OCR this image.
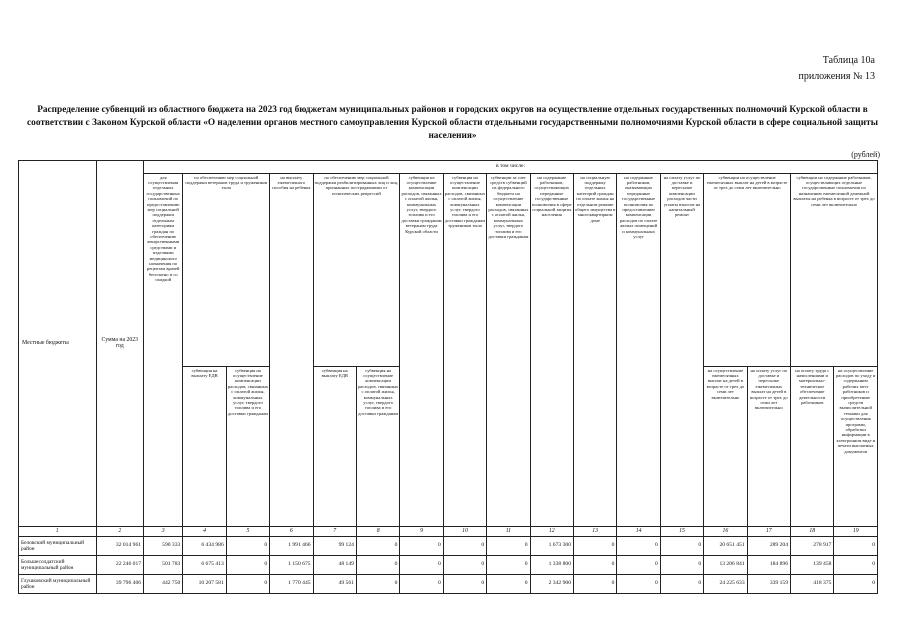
Таблица 10а
приложения № 13
Распределение субвенций из областного бюджета на 2023 год бюджетам муниципальных районов и городских округов на осуществление отдельных государственных полномочий Курской области в соответствии с Законом Курской области «О наделении органов местного самоуправления Курской области отдельными государственными полномочиями Курской области в сфере социальной защиты населения»
(рублей)
Местные бюджеты	Сумма на 2023 год	в том числе:																
		для осуществления отдельных государственных полномочий по предоставлению мер социальной поддержки отдельным категориям граждан по обеспечению лекарственными средствами и изделиями медицинского назначения по рецептам врачей бесплатно и со скидкой	по обеспечению мер социальной поддержки ветеранов труда и тружеников тыла		на выплату ежемесячного пособия на ребенка	по обеспечению мер социальной поддержки реабилитированных лиц и лиц, признанных пострадавшими от политических репрессий		субвенция на осуществление компенсации расходов, связанных с оплатой жилья, коммунальных услуг, твердого топлива и его доставки гражданам ветеранам труда Курской области	субвенция на осуществление компенсации расходов, связанных с оплатой жилья, коммунальных услуг, твердого топлива и его доставки гражданам тружеников тыла	субвенции за счет средств субвенций из федерального бюджета на осуществление компенсации расходов, связанных с оплатой жилья, коммунальных услуг, твердого топлива и его доставки гражданам	на содержание работников, осуществляющих переданные государственные полномочия в сфере социальной защиты населения	на социальную поддержку отдельных категорий граждан по оплате жилья на отдельном режиме общего имущества в многоквартирном доме	на содержание работников, оказывающих переданные государственные полномочия по предоставлению компенсации расходов по оплате жилых помещений и коммунальных услуг	на оплату услуг по доставке и пересылке компенсации расходов части уплаты взносов на капитальный ремонт	субвенции на осуществление ежемесячных выплат на детей в возрасте от трех до семи лет включительно		субвенции на содержание работников, осуществляющих отдельные государственные полномочия по назначению ежемесячной денежной выплаты на ребенка в возрасте от трех до семи лет включительно	
			субвенция на выплату ЕДВ	субвенция на осуществление компенсации расходов, связанных с оплатой жилья, коммунальных услуг, твердого топлива и его доставки гражданам		субвенция на выплату ЕДВ	субвенция на осуществление компенсации расходов, связанных с оплатой жилья, коммунальных услуг, твердого топлива и его доставки гражданам								на осуществление ежемесячных выплат на детей в возрасте от трех до семи лет включительно	на оплату услуг по доставке и пересылке ежемесячных выплат на детей в возрасте от трех до семи лет включительно	на оплату труда с начислениями и материально-техническое обеспечение деятельности работников	на осуществление расходов по уходу и содержанию рабочих мест работников и приобретению средств вычислительной техники для осуществления программ, обработки информации в электронном виде и печати выплатных документов
1	2	3	4	5	6	7	8	9	10	11	12	13	14	15	16	17	18	19
Беловский муниципальный район	32 014 961	590 333	6 434 986	0	1 991 466	99 124	0	0	0	0	1 673 300	0	0	0	20 651 451	289 204	278 917	0
Большесолдатский муниципальный район	22 246 017	501 783	6 675 413	0	1 150 675	48 149	0	0	0	0	1 338 800	0	0	0	13 206 841	184 896	139 458	0
Глушковский муниципальный район	39 796 406	442 750	10 207 581	0	1 770 445	49 561	0	0	0	0	2 342 900	0	0	0	24 225 633	339 159	418 375	0
